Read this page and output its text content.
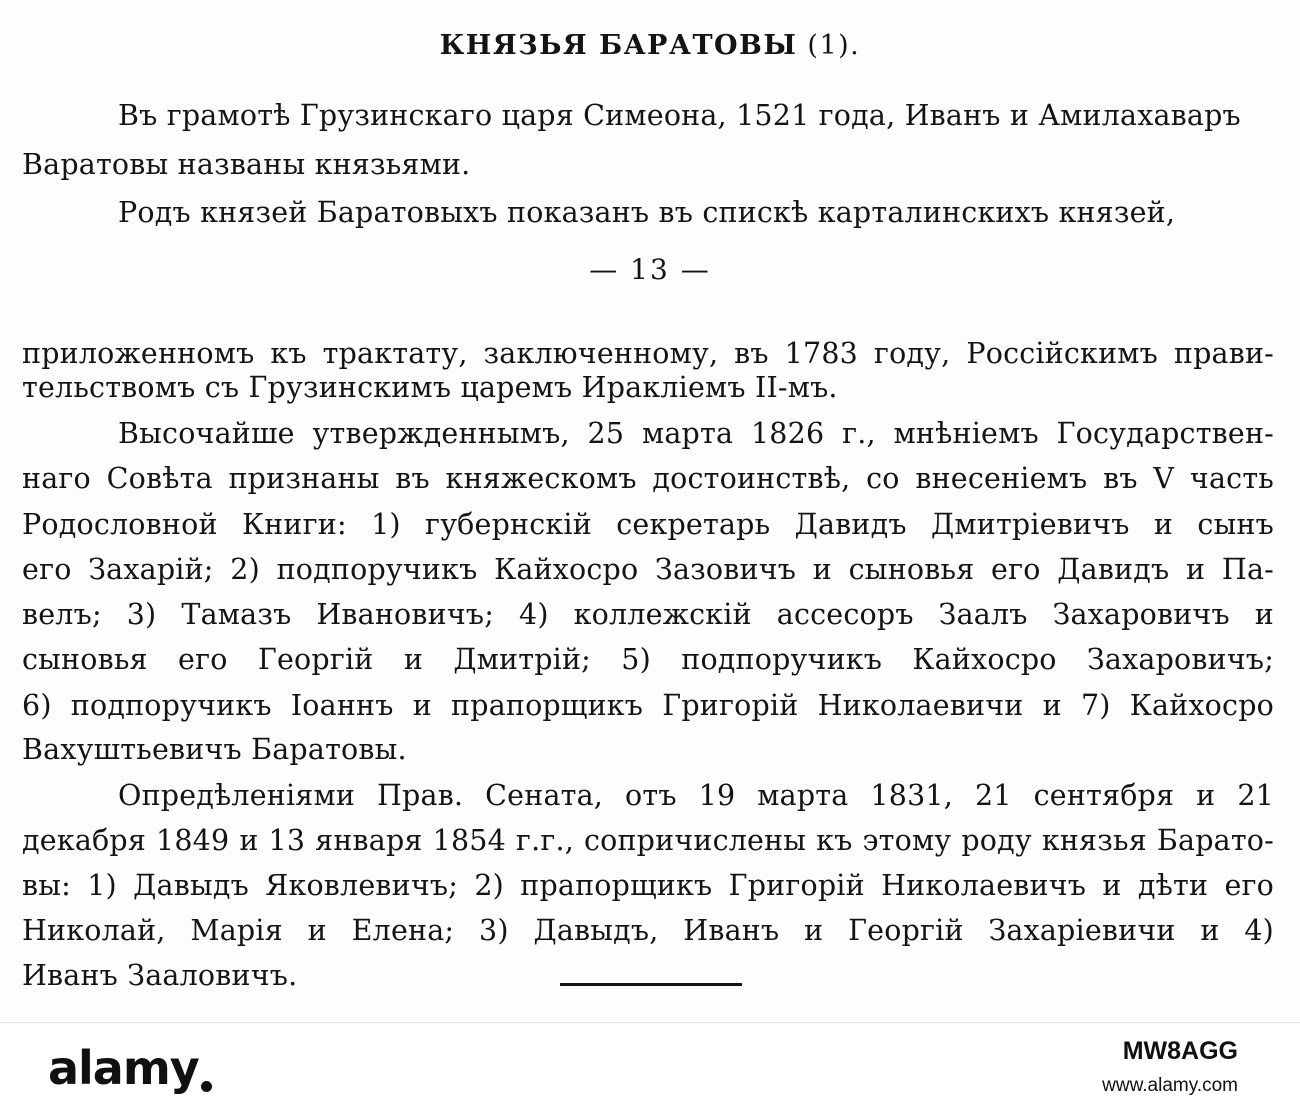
КНЯЗЬЯ БАРАТОВЫ (1).
Въ грамотѣ Грузинскаго царя Симеона, 1521 года, Иванъ и Амилахаваръ
Варатовы названы князьями.
Родъ князей Баратовыхъ показанъ въ спискѣ карталинскихъ князей,
— 13 —
приложенномъ къ трактату, заключенному, въ 1783 году, Россійскимъ прави-
тельствомъ съ Грузинскимъ царемъ Иракліемъ II-мъ.
Высочайше утвержденнымъ, 25 марта 1826 г., мнѣніемъ Государствен-
наго Совѣта признаны въ княжескомъ достоинствѣ, со внесеніемъ въ V часть
Родословной Книги: 1) губернскій секретарь Давидъ Дмитріевичъ и сынъ
его Захарій; 2) подпоручикъ Кайхосро Зазовичъ и сыновья его Давидъ и Па-
велъ; 3) Тамазъ Ивановичъ; 4) коллежскій ассесоръ Заалъ Захаровичъ и
сыновья его Георгій и Дмитрій; 5) подпоручикъ Кайхосро Захаровичъ;
6) подпоручикъ Іоаннъ и прапорщикъ Григорій Николаевичи и 7) Кайхосро
Вахуштьевичъ Баратовы.
Опредѣленіями Прав. Сената, отъ 19 марта 1831, 21 сентября и 21
декабря 1849 и 13 января 1854 г.г., сопричислены къ этому роду князья Барато-
вы: 1) Давыдъ Яковлевичъ; 2) прапорщикъ Григорій Николаевичъ и дѣти его
Николай, Марія и Елена; 3) Давыдъ, Иванъ и Георгій Захаріевичи и 4)
Иванъ Заaловичъ.
alamy	MW8AGG
www.alamy.com
